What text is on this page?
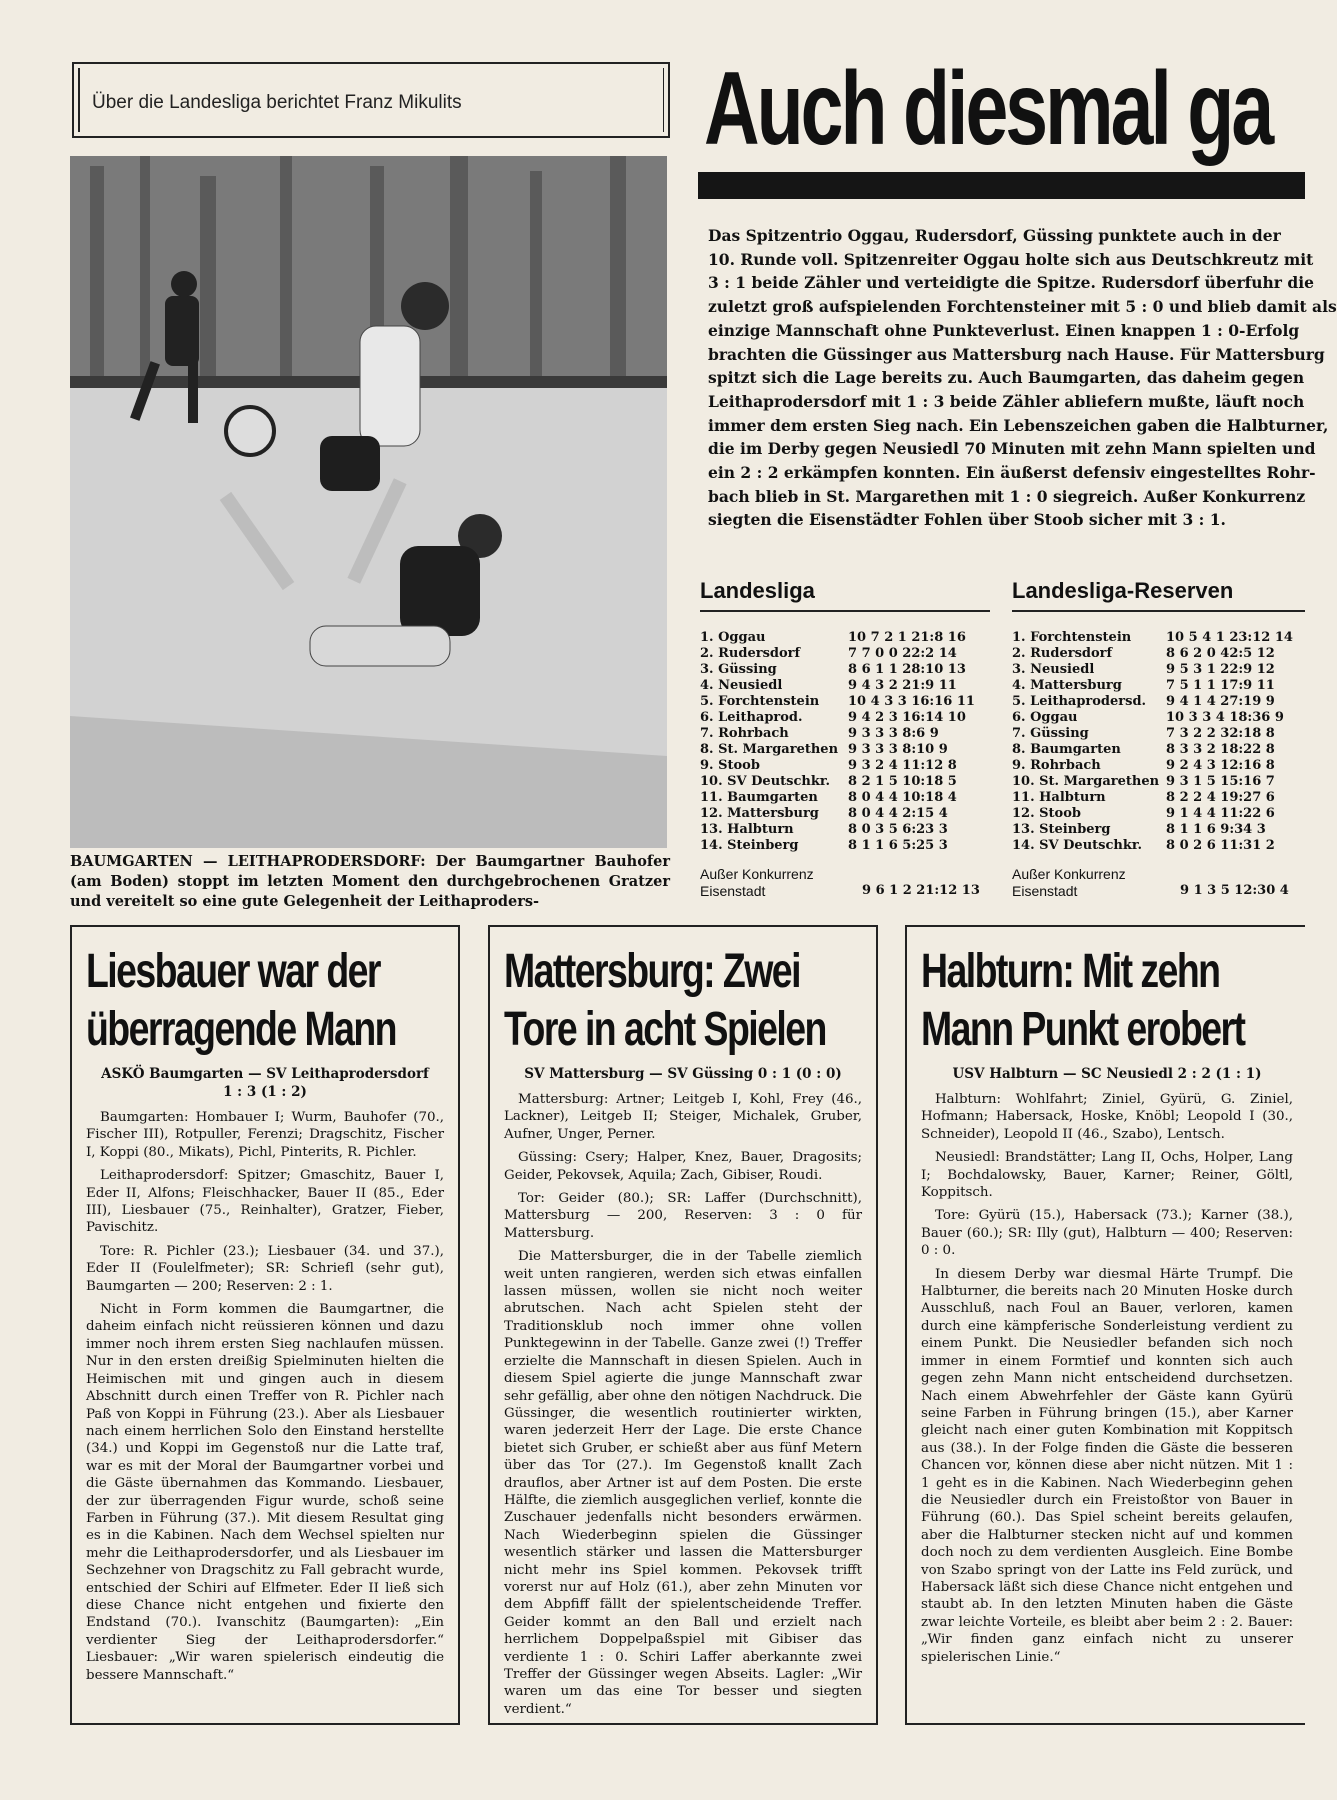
Über die Landesliga berichtet Franz Mikulits Auch diesmal ga
BAUMGARTEN — LEITHAPRODERSDORF: Der Baumgartner Bauhofer (am Boden) stoppt im letzten Moment den durchgebrochenen Gratzer und vereitelt so eine gute Gelegenheit der Leithaproders-
Das Spitzentrio Oggau, Rudersdorf, Güssing punktete auch in der
10. Runde voll. Spitzenreiter Oggau holte sich aus Deutschkreutz mit
3 : 1 beide Zähler und verteidigte die Spitze. Rudersdorf überfuhr die
zuletzt groß aufspielenden Forchtensteiner mit 5 : 0 und blieb damit als
einzige Mannschaft ohne Punkteverlust. Einen knappen 1 : 0-Erfolg
brachten die Güssinger aus Mattersburg nach Hause. Für Mattersburg
spitzt sich die Lage bereits zu. Auch Baumgarten, das daheim gegen
Leithaprodersdorf mit 1 : 3 beide Zähler abliefern mußte, läuft noch
immer dem ersten Sieg nach. Ein Lebenszeichen gaben die Halbturner,
die im Derby gegen Neusiedl 70 Minuten mit zehn Mann spielten und
ein 2 : 2 erkämpfen konnten. Ein äußerst defensiv eingestelltes Rohr-
bach blieb in St. Margarethen mit 1 : 0 siegreich. Außer Konkurrenz
siegten die Eisenstädter Fohlen über Stoob sicher mit 3 : 1.
Landesliga
1. Oggau	10 7 2 1 21:8 16
2. Rudersdorf	7 7 0 0 22:2 14
3. Güssing	8 6 1 1 28:10 13
4. Neusiedl	9 4 3 2 21:9 11
5. Forchtenstein 10 4 3 3 16:16 11
6. Leithaprod.	9 4 2 3 16:14 10
7. Rohrbach	9 3 3 3 8:6 9
8. St. Margarethen 9 3 3 3 8:10 9
9. Stoob	9 3 2 4 11:12 8
10. SV Deutschkr. 8 2 1 5 10:18 5
11. Baumgarten 8 0 4 4 10:18 4
12. Mattersburg 8 0 4 4 2:15 4
13. Halbturn	8 0 3 5 6:23 3
14. Steinberg	8 1 1 6 5:25 3
Außer Konkurrenz
Eisenstadt	9 6 1 2 21:12 13
Landesliga-Reserven
1. Forchtenstein	10 5 4 1 23:12 14
2. Rudersdorf	8 6 2 0 42:5 12
3. Neusiedl	9 5 3 1 22:9 12
4. Mattersburg	7 5 1 1 17:9 11
5. Leithaprodersd. 9 4 1 4 27:19 9
6. Oggau	10 3 3 4 18:36 9
7. Güssing	7 3 2 2 32:18 8
8. Baumgarten	8 3 3 2 18:22 8
9. Rohrbach	9 2 4 3 12:16 8
10. St. Margarethen 9 3 1 5 15:16 7
11. Halbturn	8 2 2 4 19:27 6
12. Stoob	9 1 4 4 11:22 6
13. Steinberg	8 1 1 6 9:34 3
14. SV Deutschkr. 8 0 2 6 11:31 2
Außer Konkurrenz
Eisenstadt	9 1 3 5 12:30 4
Liesbauer war der
überragende Mann
ASKÖ Baumgarten — SV Leithaprodersdorf
1 : 3 (1 : 2)

Baumgarten: Hombauer I; Wurm, Bauhofer (70., Fischer III), Rotpuller, Ferenzi; Dragschitz, Fischer I, Koppi (80., Mikats), Pichl, Pinterits, R. Pichler.

Leithaprodersdorf: Spitzer; Gmaschitz, Bauer I, Eder II, Alfons; Fleischhacker, Bauer II (85., Eder III), Liesbauer (75., Reinhalter), Gratzer, Fieber, Pavischitz.

Tore: R. Pichler (23.); Liesbauer (34. und 37.), Eder II (Foulelfmeter); SR: Schriefl (sehr gut), Baumgarten — 200; Reserven: 2 : 1.

Nicht in Form kommen die Baumgartner, die daheim einfach nicht reüssieren können und dazu immer noch ihrem ersten Sieg nachlaufen müssen. Nur in den ersten dreißig Spielminuten hielten die Heimischen mit und gingen auch in diesem Abschnitt durch einen Treffer von R. Pichler nach Paß von Koppi in Führung (23.). Aber als Liesbauer nach einem herrlichen Solo den Einstand herstellte (34.) und Koppi im Gegenstoß nur die Latte traf, war es mit der Moral der Baumgartner vorbei und die Gäste übernahmen das Kommando. Liesbauer, der zur überragenden Figur wurde, schoß seine Farben in Führung (37.). Mit diesem Resultat ging es in die Kabinen. Nach dem Wechsel spielten nur mehr die Leithaprodersdorfer, und als Liesbauer im Sechzehner von Dragschitz zu Fall gebracht wurde, entschied der Schiri auf Elfmeter. Eder II ließ sich diese Chance nicht entgehen und fixierte den Endstand (70.). Ivanschitz (Baumgarten): „Ein verdienter Sieg der Leithaprodersdorfer.“ Liesbauer: „Wir waren spielerisch eindeutig die bessere Mannschaft.“

Mattersburg: Zwei
Tore in acht Spielen
SV Mattersburg — SV Güssing 0 : 1 (0 : 0)

Mattersburg: Artner; Leitgeb I, Kohl, Frey (46., Lackner), Leitgeb II; Steiger, Michalek, Gruber, Aufner, Unger, Perner.

Güssing: Csery; Halper, Knez, Bauer, Dragosits; Geider, Pekovsek, Aquila; Zach, Gibiser, Roudi.

Tor: Geider (80.); SR: Laffer (Durchschnitt), Mattersburg — 200, Reserven: 3 : 0 für Mattersburg.

Die Mattersburger, die in der Tabelle ziemlich weit unten rangieren, werden sich etwas einfallen lassen müssen, wollen sie nicht noch weiter abrutschen. Nach acht Spielen steht der Traditionsklub noch immer ohne vollen Punktegewinn in der Tabelle. Ganze zwei (!) Treffer erzielte die Mannschaft in diesen Spielen. Auch in diesem Spiel agierte die junge Mannschaft zwar sehr gefällig, aber ohne den nötigen Nachdruck. Die Güssinger, die wesentlich routinierter wirkten, waren jederzeit Herr der Lage. Die erste Chance bietet sich Gruber, er schießt aber aus fünf Metern über das Tor (27.). Im Gegenstoß knallt Zach drauflos, aber Artner ist auf dem Posten. Die erste Hälfte, die ziemlich ausgeglichen verlief, konnte die Zuschauer jedenfalls nicht besonders erwärmen. Nach Wiederbeginn spielen die Güssinger wesentlich stärker und lassen die Mattersburger nicht mehr ins Spiel kommen. Pekovsek trifft vorerst nur auf Holz (61.), aber zehn Minuten vor dem Abpfiff fällt der spielentscheidende Treffer. Geider kommt an den Ball und erzielt nach herrlichem Doppelpaßspiel mit Gibiser das verdiente 1 : 0. Schiri Laffer aberkannte zwei Treffer der Güssinger wegen Abseits. Lagler: „Wir waren um das eine Tor besser und siegten verdient.“

Halbturn: Mit zehn
Mann Punkt erobert
USV Halbturn — SC Neusiedl 2 : 2 (1 : 1)

Halbturn: Wohlfahrt; Ziniel, Gyürü, G. Ziniel, Hofmann; Habersack, Hoske, Knöbl; Leopold I (30., Schneider), Leopold II (46., Szabo), Lentsch.

Neusiedl: Brandstätter; Lang II, Ochs, Holper, Lang I; Bochdalowsky, Bauer, Karner; Reiner, Göltl, Koppitsch.

Tore: Gyürü (15.), Habersack (73.); Karner (38.), Bauer (60.); SR: Illy (gut), Halbturn — 400; Reserven: 0 : 0.

In diesem Derby war diesmal Härte Trumpf. Die Halbturner, die bereits nach 20 Minuten Hoske durch Ausschluß, nach Foul an Bauer, verloren, kamen durch eine kämpferische Sonderleistung verdient zu einem Punkt. Die Neusiedler befanden sich noch immer in einem Formtief und konnten sich auch gegen zehn Mann nicht entscheidend durchsetzen. Nach einem Abwehrfehler der Gäste kann Gyürü seine Farben in Führung bringen (15.), aber Karner gleicht nach einer guten Kombination mit Koppitsch aus (38.). In der Folge finden die Gäste die besseren Chancen vor, können diese aber nicht nützen. Mit 1 : 1 geht es in die Kabinen. Nach Wiederbeginn gehen die Neusiedler durch ein Freistoßtor von Bauer in Führung (60.). Das Spiel scheint bereits gelaufen, aber die Halbturner stecken nicht auf und kommen doch noch zu dem verdienten Ausgleich. Eine Bombe von Szabo springt von der Latte ins Feld zurück, und Habersack läßt sich diese Chance nicht entgehen und staubt ab. In den letzten Minuten haben die Gäste zwar leichte Vorteile, es bleibt aber beim 2 : 2. Bauer: „Wir finden ganz einfach nicht zu unserer spielerischen Linie.“
